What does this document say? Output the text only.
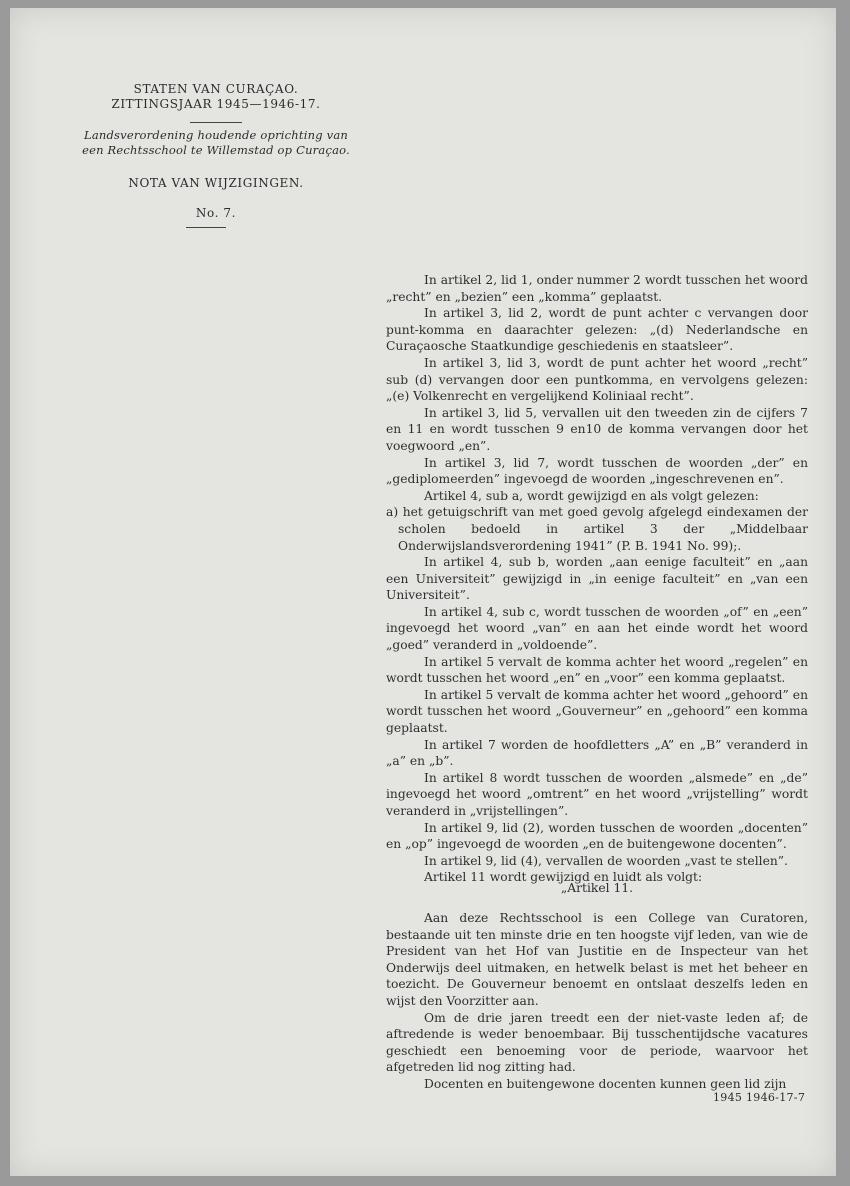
STATEN VAN CURAÇAO.
ZITTINGSJAAR 1945—1946-17.
Landsverordening houdende oprichting van
een Rechtsschool te Willemstad op Curaçao.
NOTA VAN WIJZIGINGEN.
No. 7.

In artikel 2, lid 1, onder nummer 2 wordt tusschen het woord „recht” en „bezien” een „komma” geplaatst.

In artikel 3, lid 2, wordt de punt achter c vervangen door punt-komma en daarachter gelezen: „(d) Nederlandsche en Curaçaosche Staatkundige geschiedenis en staatsleer”.

In artikel 3, lid 3, wordt de punt achter het woord „recht” sub (d) vervangen door een puntkomma, en vervolgens gelezen: „(e) Volkenrecht en vergelijkend Koliniaal recht”.

In artikel 3, lid 5, vervallen uit den tweeden zin de cijfers 7 en 11 en wordt tusschen 9 en10 de komma vervangen door het voegwoord „en”.

In artikel 3, lid 7, wordt tusschen de woorden „der” en „gediplomeerden” ingevoegd de woorden „ingeschrevenen en”.

Artikel 4, sub a, wordt gewijzigd en als volgt gelezen:

a) het getuigschrift van met goed gevolg afgelegd eindexamen der scholen bedoeld in artikel 3 der „Middelbaar Onderwijslandsverordening 1941” (P. B. 1941 No. 99);.

In artikel 4, sub b, worden „aan eenige faculteit” en „aan een Universiteit” gewijzigd in „in eenige faculteit” en „van een Universiteit”.

In artikel 4, sub c, wordt tusschen de woorden „of” en „een” ingevoegd het woord „van” en aan het einde wordt het woord „goed” veranderd in „voldoende”.

In artikel 5 vervalt de komma achter het woord „regelen” en wordt tusschen het woord „en” en „voor” een komma geplaatst.

In artikel 5 vervalt de komma achter het woord „gehoord” en wordt tusschen het woord „Gouverneur” en „gehoord” een komma geplaatst.

In artikel 7 worden de hoofdletters „A” en „B” veranderd in „a” en „b”.

In artikel 8 wordt tusschen de woorden „alsmede” en „de” ingevoegd het woord „omtrent” en het woord „vrijstelling” wordt veranderd in „vrijstellingen”.

In artikel 9, lid (2), worden tusschen de woorden „docenten” en „op” ingevoegd de woorden „en de buitengewone docenten”.

In artikel 9, lid (4), vervallen de woorden „vast te stellen”.

Artikel 11 wordt gewijzigd en luidt als volgt:

„Artikel 11.

Aan deze Rechtsschool is een College van Curatoren, bestaande uit ten minste drie en ten hoogste vijf leden, van wie de President van het Hof van Justitie en de Inspecteur van het Onderwijs deel uitmaken, en hetwelk belast is met het beheer en toezicht. De Gouverneur benoemt en ontslaat deszelfs leden en wijst den Voorzitter aan.

Om de drie jaren treedt een der niet-vaste leden af; de aftredende is weder benoembaar. Bij tusschentijdsche vacatures geschiedt een benoeming voor de periode, waarvoor het afgetreden lid nog zitting had.

Docenten en buitengewone docenten kunnen geen lid zijn

1945 1946-17-7
